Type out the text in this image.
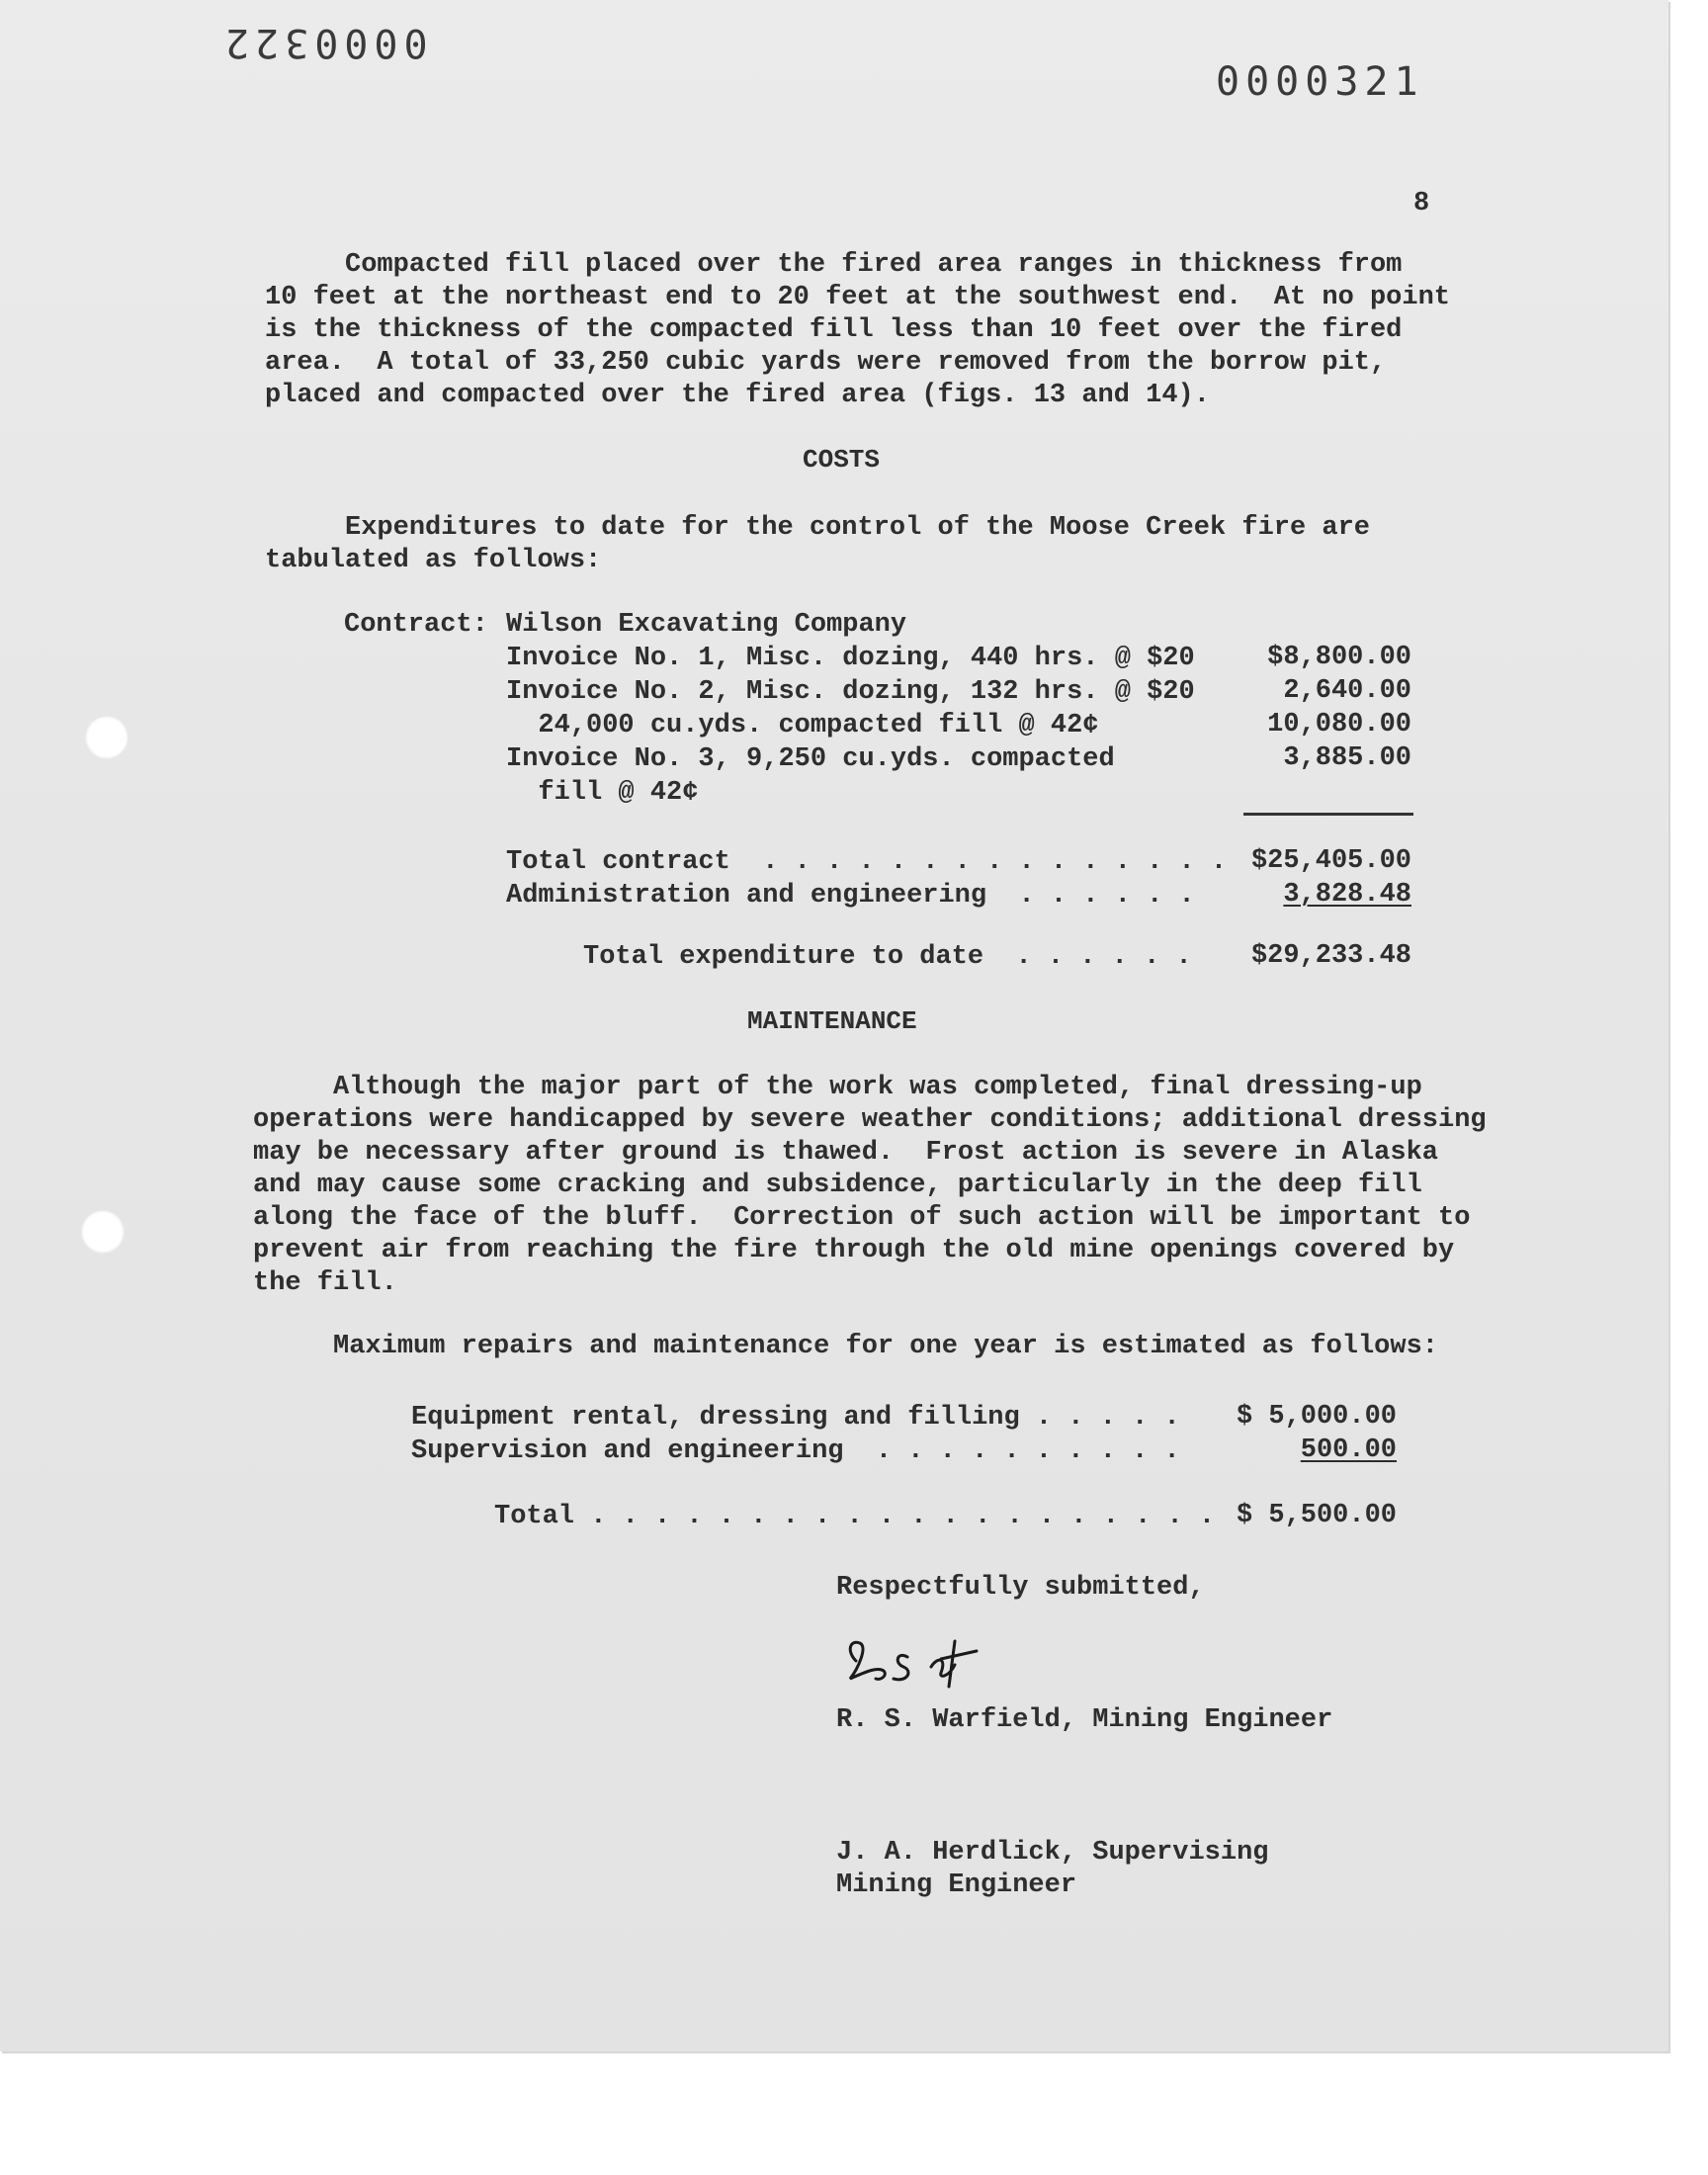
0000322
0000321
8
Compacted fill placed over the fired area ranges in thickness from
10 feet at the northeast end to 20 feet at the southwest end.  At no point
is the thickness of the compacted fill less than 10 feet over the fired
area.  A total of 33,250 cubic yards were removed from the borrow pit,
placed and compacted over the fired area (figs. 13 and 14).
COSTS
Expenditures to date for the control of the Moose Creek fire are
tabulated as follows:
Contract: Wilson Excavating Company
Invoice No. 1, Misc. dozing, 440 hrs. @ $20	$8,800.00
Invoice No. 2, Misc. dozing, 132 hrs. @ $20	2,640.00
24,000 cu.yds. compacted fill @ 42¢	10,080.00
Invoice No. 3, 9,250 cu.yds. compacted	3,885.00
fill @ 42¢
Total contract  . . . . . . . . . . . . . . . $25,405.00
Administration and engineering  . . . . . .	3,828.48
Total expenditure to date  . . . . . . $29,233.48
MAINTENANCE
Although the major part of the work was completed, final dressing-up
operations were handicapped by severe weather conditions; additional dressing
may be necessary after ground is thawed.  Frost action is severe in Alaska
and may cause some cracking and subsidence, particularly in the deep fill
along the face of the bluff.  Correction of such action will be important to
prevent air from reaching the fire through the old mine openings covered by
the fill.
Maximum repairs and maintenance for one year is estimated as follows:
Equipment rental, dressing and filling . . . . . $ 5,000.00
Supervision and engineering  . . . . . . . . . .	500.00
Total . . . . . . . . . . . . . . . . . . . . $ 5,500.00
Respectfully submitted,
R. S. Warfield, Mining Engineer
J. A. Herdlick, Supervising
Mining Engineer
